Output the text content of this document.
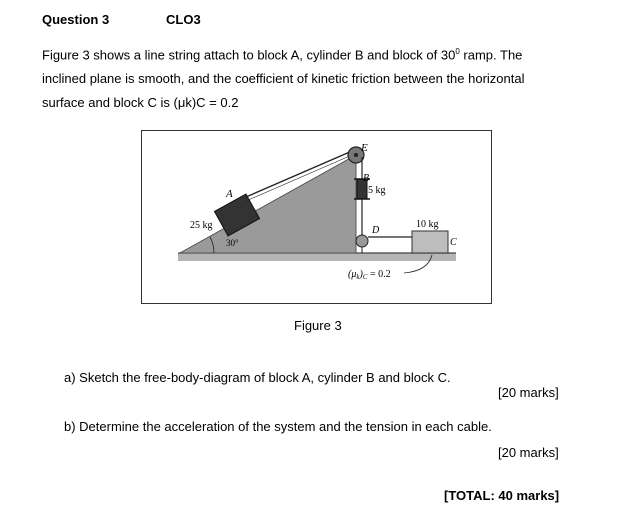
Question 3	CLO3
Figure 3 shows a line string attach to block A, cylinder B and block of $30^0$ ramp. The
inclined plane is smooth, and the coefficient of kinetic friction between the horizontal
surface and block C is (μk)C = 0.2
A
25 kg
30°
E
B
5 kg
D
10 kg
C
$(\mu_k)_C = 0.2$
Figure 3
a) Sketch the free-body-diagram of block A, cylinder B and block C.
[20 marks]
b) Determine the acceleration of the system and the tension in each cable.
[20 marks]
[TOTAL: 40 marks]
